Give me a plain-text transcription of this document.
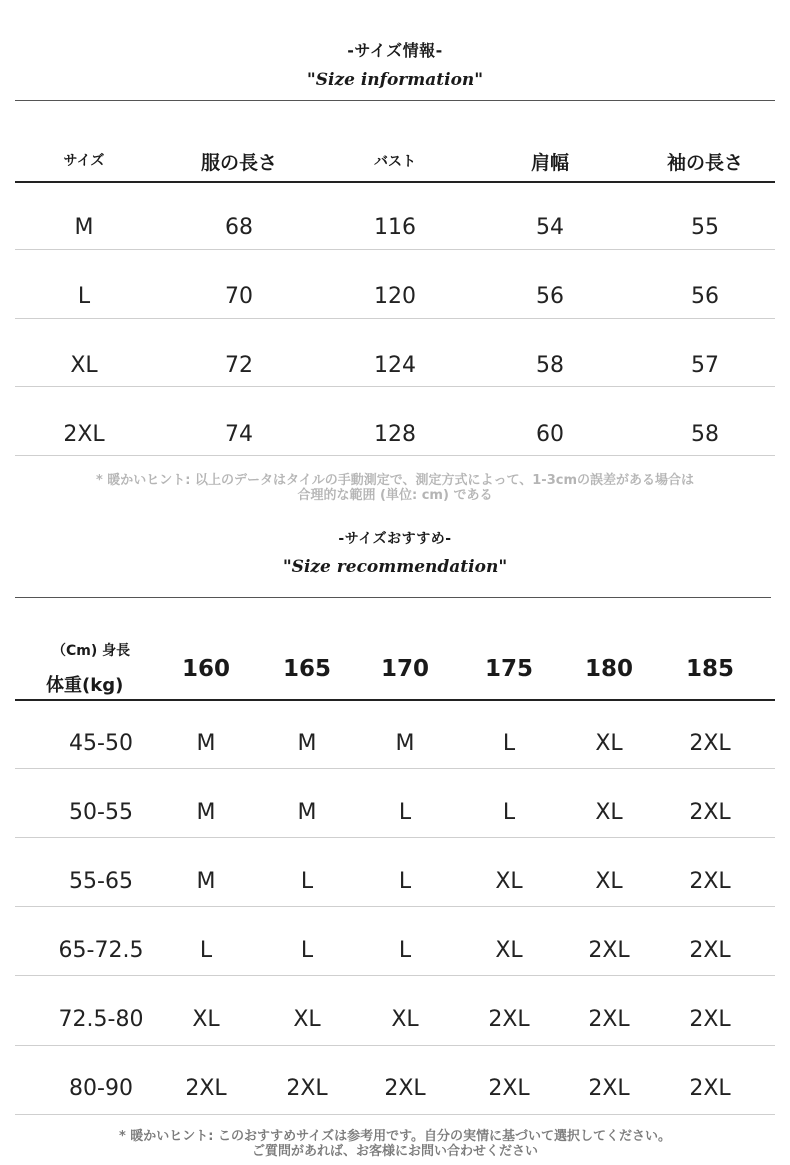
-サイズ情報-
"Size information"
サイズ	服の長さ	バスト	肩幅	袖の長さ
M	68	116	54	55
L	70	120	56	56
XL	72	124	58	57
2XL	74	128	60	58
* 暖かいヒント: 以上のデータはタイルの手動測定で、測定方式によって、1-3cmの誤差がある場合は
合理的な範囲 (単位: cm) である
-サイズおすすめ-
"Size recommendation"
（Cm) 身長
体重(kg)
160 165 170 175 180 185
45-50	M	M	M	L	XL	2XL
50-55	M	M	L	L	XL	2XL
55-65	M	L	L	XL	XL	2XL
65-72.5	L	L	L	XL	2XL	2XL
72.5-80 XL	XL	XL	2XL	2XL	2XL
80-90 2XL	2XL	2XL	2XL	2XL	2XL
* 暖かいヒント: このおすすめサイズは参考用です。自分の実情に基づいて選択してください。
ご質問があれば、お客様にお問い合わせください
